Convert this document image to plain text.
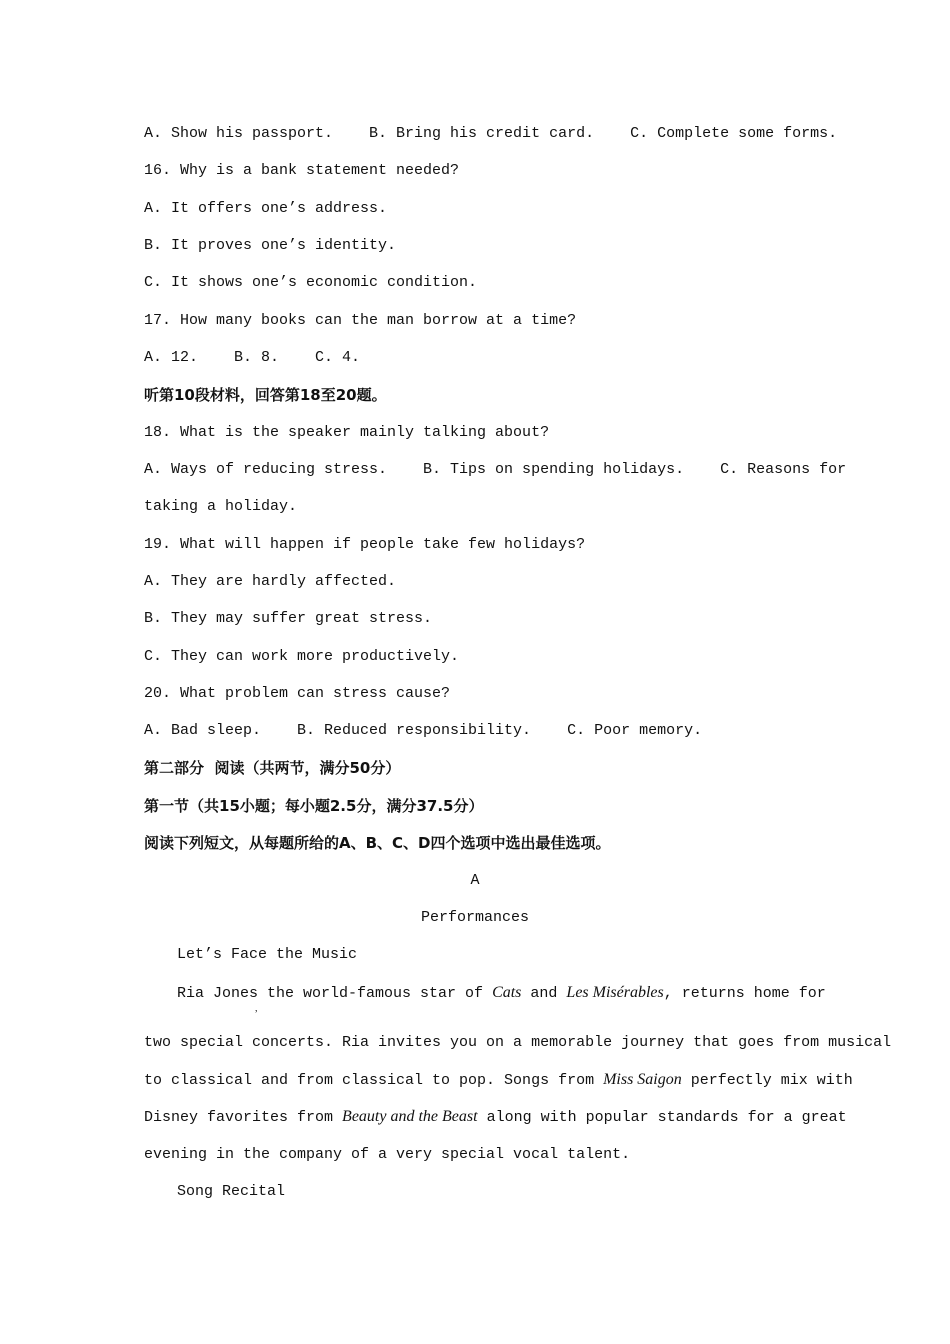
A. Show his passport.    B. Bring his credit card.    C. Complete some forms.
16. Why is a bank statement needed?
A. It offers one’s address.
B. It proves one’s identity.
C. It shows one’s economic condition.
17. How many books can the man borrow at a time?
A. 12.    B. 8.    C. 4.
听第10段材料，回答第18至20题。
18. What is the speaker mainly talking about?
A. Ways of reducing stress.    B. Tips on spending holidays.    C. Reasons for
taking a holiday.
19. What will happen if people take few holidays?
A. They are hardly affected.
B. They may suffer great stress.
C. They can work more productively.
20. What problem can stress cause?
A. Bad sleep.    B. Reduced responsibility.    C. Poor memory.
第二部分  阅读（共两节，满分50分）
第一节（共15小题；每小题2.5分，满分37.5分）
阅读下列短文，从每题所给的A、B、C、D四个选项中选出最佳选项。
A
Performances
Let’s Face the Music
Ria Jones the world-famous star of Cats and Les Misérables, returns home for
,
two special concerts. Ria invites you on a memorable journey that goes from musical
to classical and from classical to pop. Songs from Miss Saigon perfectly mix with
Disney favorites from Beauty and the Beast along with popular standards for a great
evening in the company of a very special vocal talent.
Song Recital
